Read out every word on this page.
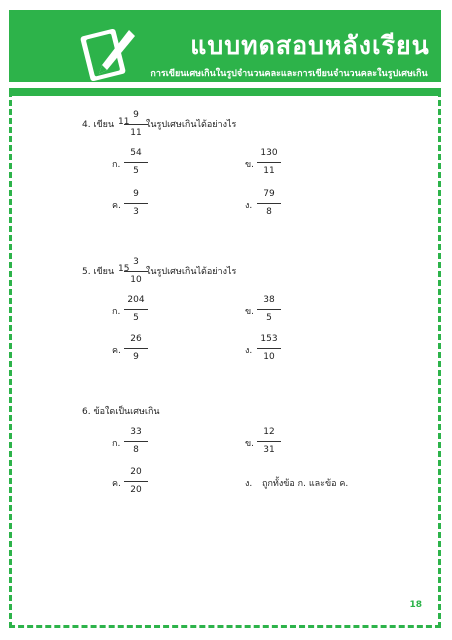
แบบทดสอบหลังเรียน
การเขียนเศษเกินในรูปจำนวนคละและการเขียนจำนวนคละในรูปเศษเกิน
4. เขียน 11
9
11
ในรูปเศษเกินได้อย่างไร
ก.
54
5
ข.
130
11
ค.
9
3
ง.
79
8
5. เขียน 15
3
10
ในรูปเศษเกินได้อย่างไร
ก.
204
5
ข.
38
5
ค.
26
9
ง.
153
10
6. ข้อใดเป็นเศษเกิน
ก.
33
8
ข.
12
31
ค.
20
20
ง. ถูกทั้งข้อ ก. และข้อ ค.
18
